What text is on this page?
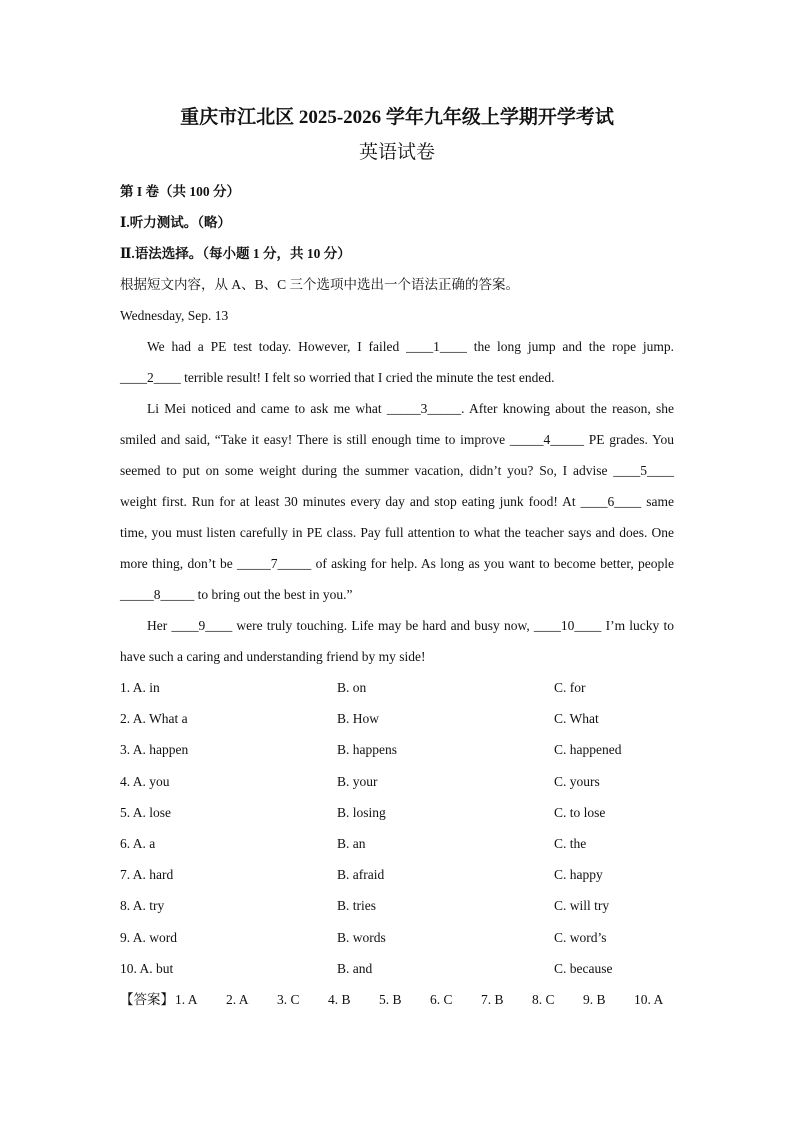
重庆市江北区 2025-2026 学年九年级上学期开学考试
英语试卷

第 I 卷（共 100 分）

Ⅰ.听力测试。（略）

Ⅱ.语法选择。（每小题 1 分，共 10 分）

根据短文内容，从 A、B、C 三个选项中选出一个语法正确的答案。

Wednesday, Sep. 13

We had a PE test today. However, I failed ____1____ the long jump and the rope jump. ____2____ terrible result! I felt so worried that I cried the minute the test ended.

Li Mei noticed and came to ask me what _____3_____. After knowing about the reason, she smiled and said, “Take it easy! There is still enough time to improve _____4_____ PE grades. You seemed to put on some weight during the summer vacation, didn’t you? So, I advise ____5____ weight first. Run for at least 30 minutes every day and stop eating junk food! At ____6____ same time, you must listen carefully in PE class. Pay full attention to what the teacher says and does. One more thing, don’t be _____7_____ of asking for help. As long as you want to become better, people _____8_____ to bring out the best in you.”

Her ____9____ were truly touching. Life may be hard and busy now, ____10____ I’m lucky to have such a caring and understanding friend by my side!

1. A. in	B. on	C. for
2. A. What a	B. How	C. What
3. A. happen	B. happens	C. happened
4. A. you	B. your	C. yours
5. A. lose	B. losing	C. to lose
6. A. a	B. an	C. the
7. A. hard	B. afraid	C. happy
8. A. try	B. tries	C. will try
9. A. word	B. words	C. word’s
10. A. but	B. and	C. because
【答案】 1. A	2. A	3. C	4. B	5. B	6. C	7. B	8. C	9. B	10. A
